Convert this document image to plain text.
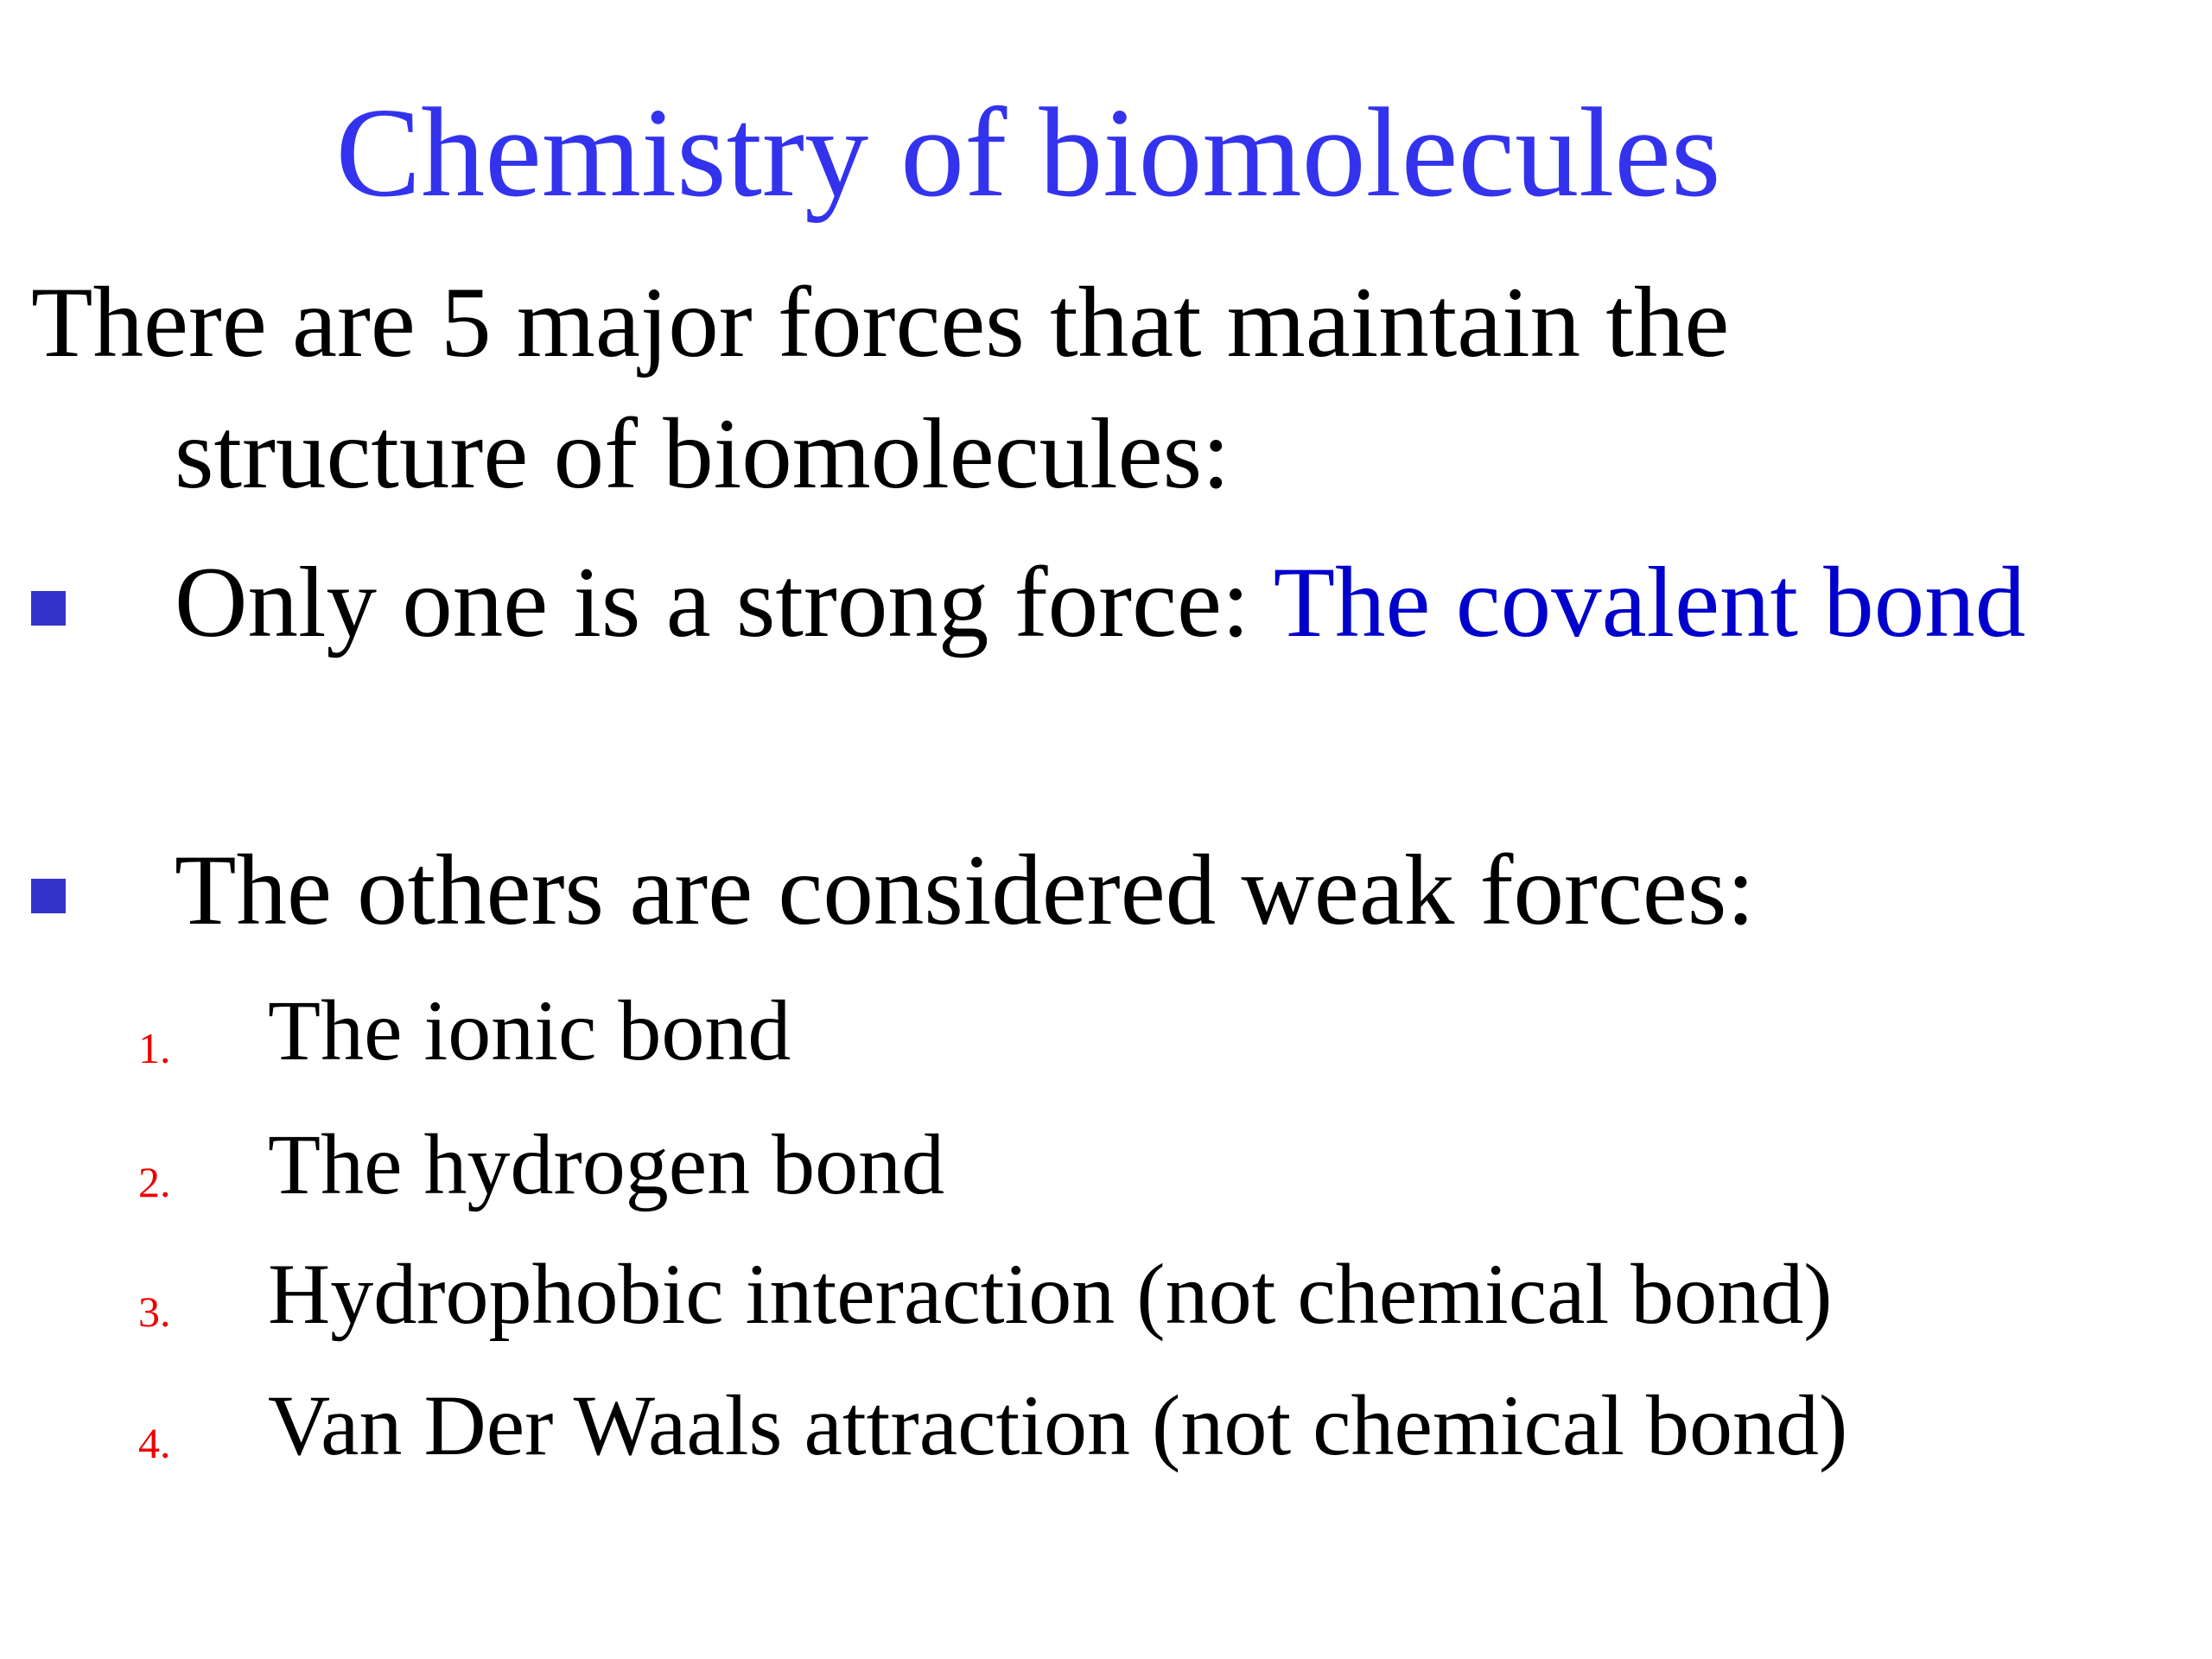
Chemistry of biomolecules
There are 5 major forces that maintain the
structure of biomolecules:
Only one is a strong force: The covalent bond
The others are considered weak forces:
1. The ionic bond
2. The hydrogen bond
3. Hydrophobic interaction (not chemical bond)
4. Van Der Waals attraction (not chemical bond)
